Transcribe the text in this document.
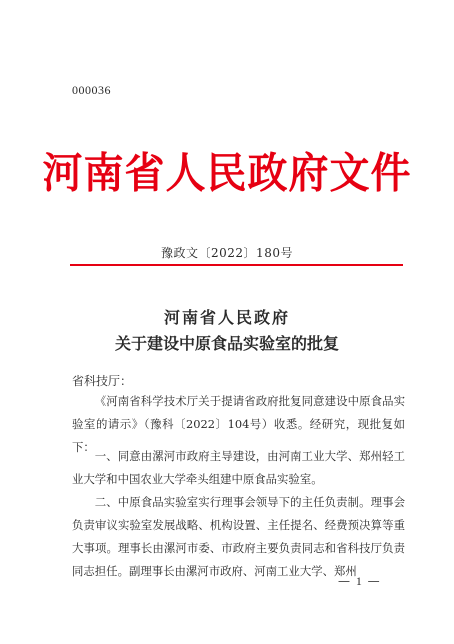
000036
河南省人民政府文件
豫政文〔2022〕180号
河南省人民政府
关于建设中原食品实验室的批复
省科技厅：
《河南省科学技术厅关于提请省政府批复同意建设中原食品实验室的请示》（豫科〔2022〕104号）收悉。经研究，现批复如下：
一、同意由漯河市政府主导建设，由河南工业大学、郑州轻工业大学和中国农业大学牵头组建中原食品实验室。
二、中原食品实验室实行理事会领导下的主任负责制。理事会负责审议实验室发展战略、机构设置、主任提名、经费预决算等重大事项。理事长由漯河市委、市政府主要负责同志和省科技厅负责同志担任。副理事长由漯河市政府、河南工业大学、郑州
— 1 —
